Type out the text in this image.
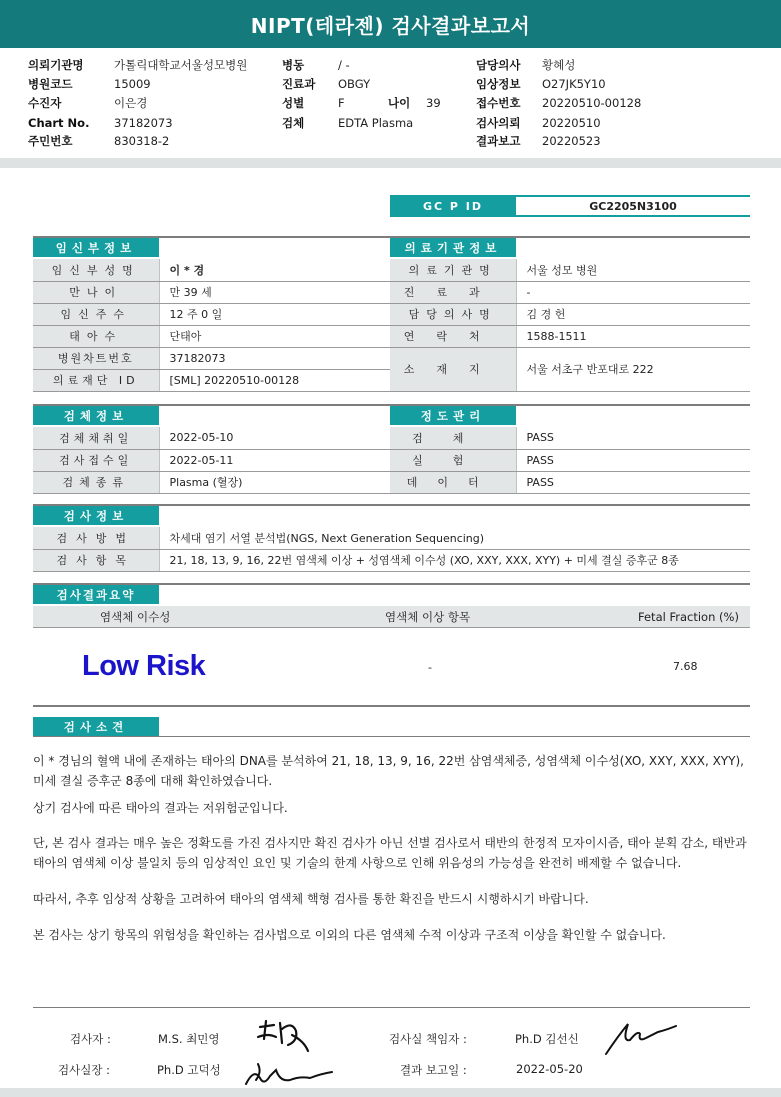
NIPT(테라젠) 검사결과보고서
의뢰기관명	가톨릭대학교서울성모병원
병원코드	15009
수진자	이은경
Chart No.	37182073
주민번호	830318-2
병동	/ -
진료과	OBGY
성별	F	나이	39
검체	EDTA Plasma
담당의사	황혜성
임상정보	O27JK5Y10
접수번호	20220510-00128
검사의뢰	20220510
결과보고	20220523
GC P ID	GC2205N3100
임신부정보
임신부성명	이 * 경
만나이	만 39 세
임신주수	12 주 0 일
태아수	단태아
병원차트번호	37182073
의료재단 ID	[SML] 20220510-00128
의료기관정보
의료기관명	서울 성모 병원
진료과	-
담당의사명	김 경 헌
연락처	1588-1511
소재지	서울 서초구 반포대로 222
검체정보
검체채취일	2022-05-10
검사접수일	2022-05-11
검체종류	Plasma (혈장)
정도관리
검체	PASS
실험	PASS
데이터	PASS
검사정보
검사방법	차세대 염기 서열 분석법(NGS, Next Generation Sequencing)
검사항목	21, 18, 13, 9, 16, 22번 염색체 이상 + 성염색체 이수성 (XO, XXY, XXX, XYY) + 미세 결실 증후군 8종
검사결과요약
염색체 이수성	염색체 이상 항목	Fetal Fraction (%)
Low Risk	-	7.68
검사소견
이 * 경님의 혈액 내에 존재하는 태아의 DNA를 분석하여 21, 18, 13, 9, 16, 22번 삼염색체증, 성염색체 이수성(XO, XXY, XXX, XYY), 미세 결실 증후군 8종에 대해 확인하였습니다.
상기 검사에 따른 태아의 결과는 저위험군입니다.
단, 본 검사 결과는 매우 높은 정확도를 가진 검사지만 확진 검사가 아닌 선별 검사로서 태반의 한정적 모자이시즘, 태아 분획 감소, 태반과 태아의 염색체 이상 불일치 등의 임상적인 요인 및 기술의 한계 사항으로 인해 위음성의 가능성을 완전히 배제할 수 없습니다.
따라서, 추후 임상적 상황을 고려하여 태아의 염색체 핵형 검사를 통한 확진을 반드시 시행하시기 바랍니다.
본 검사는 상기 항목의 위험성을 확인하는 검사법으로 이외의 다른 염색체 수적 이상과 구조적 이상을 확인할 수 없습니다.
검사자 :	M.S. 최민영	검사실 책임자 :	Ph.D 김선신
검사실장 :	Ph.D 고덕성	결과 보고일 :	2022-05-20
